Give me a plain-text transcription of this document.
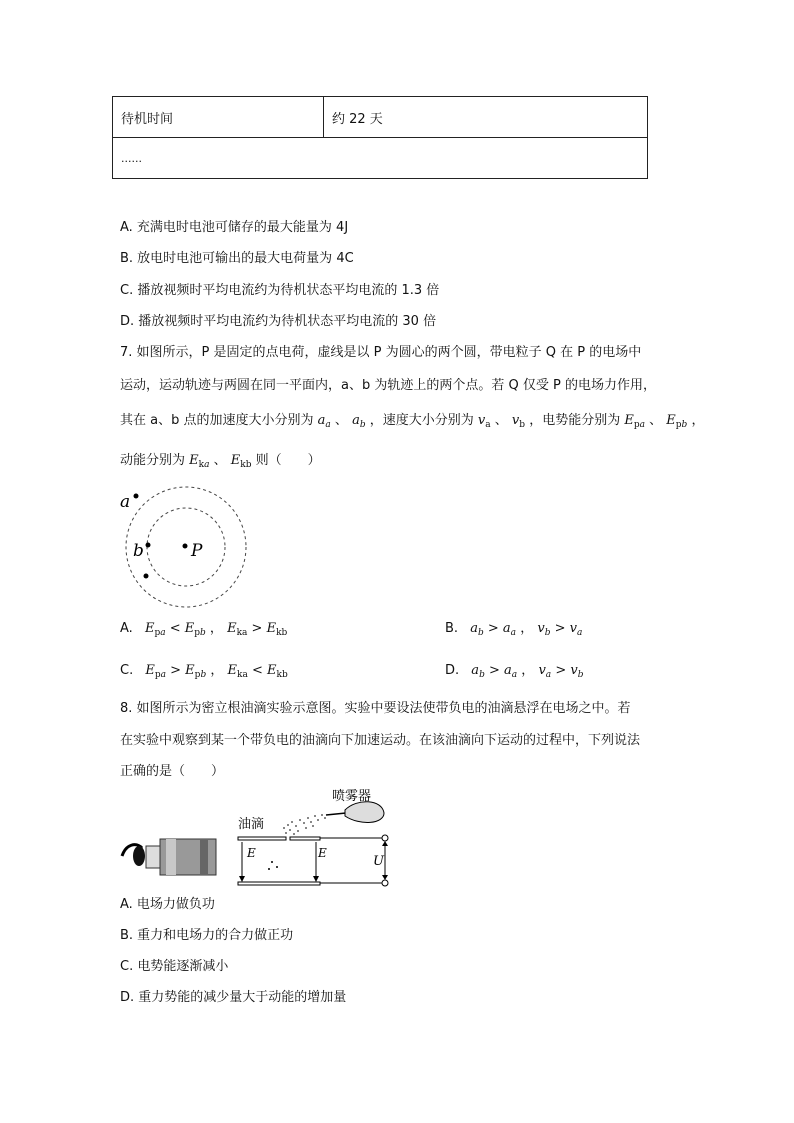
待机时间	约 22 天
......
A. 充满电时电池可储存的最大能量为 4J
B. 放电时电池可输出的最大电荷量为 4C
C. 播放视频时平均电流约为待机状态平均电流的 1.3 倍
D. 播放视频时平均电流约为待机状态平均电流的 30 倍
7. 如图所示，P 是固定的点电荷，虚线是以 P 为圆心的两个圆，带电粒子 Q 在 P 的电场中
运动，运动轨迹与两圆在同一平面内，a、b 为轨迹上的两个点。若 Q 仅受 P 的电场力作用，
其在 a、b 点的加速度大小分别为 $a_a$ 、 $a_b$ ，速度大小分别为 $v_a$ 、 $v_b$ ，电势能分别为 $E_{pa}$ 、 $E_{pb}$ ，
动能分别为 $E_{ka}$ 、 $E_{kb}$ 则（　　）
a
b	P
A. $E_{pa} < E_{pb}$ ， $E_{ka} > E_{kb}$	B. $a_b > a_a$ ， $v_b > v_a$
C. $E_{pa} > E_{pb}$ ， $E_{ka} < E_{kb}$	D. $a_b > a_a$ ， $v_a > v_b$
8. 如图所示为密立根油滴实验示意图。实验中要设法使带负电的油滴悬浮在电场之中。若
在实验中观察到某一个带负电的油滴向下加速运动。在该油滴向下运动的过程中，下列说法
正确的是（　　）
E	E
U
喷雾器
油滴
A. 电场力做负功
B. 重力和电场力的合力做正功
C. 电势能逐渐减小
D. 重力势能的减少量大于动能的增加量
